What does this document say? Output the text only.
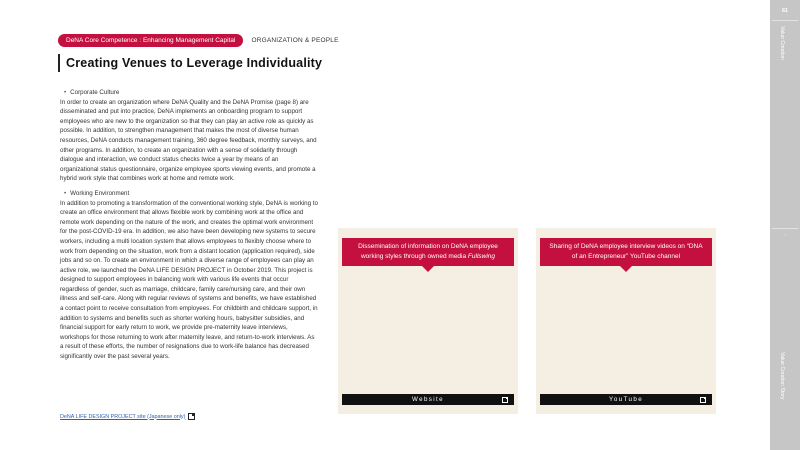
DeNA Core Competence : Enhancing Management Capital	ORGANIZATION & PEOPLE
Creating Venues to Leverage Individuality
• Corporate Culture

In order to create an organization where DeNA Quality and the DeNA Promise (page 8) are disseminated and put into practice, DeNA implements an onboarding program to support employees who are new to the organization so that they can play an active role as quickly as possible. In addition, to strengthen management that makes the most of diverse human resources, DeNA conducts management training, 360 degree feedback, monthly surveys, and other programs. In addition, to create an organization with a sense of solidarity through dialogue and interaction, we conduct status checks twice a year by means of an organizational status questionnaire, organize employee sports viewing events, and promote a hybrid work style that combines work at home and remote work.

• Working Environment

In addition to promoting a transformation of the conventional working style, DeNA is working to create an office environment that allows flexible work by combining work at the office and remote work depending on the nature of the work, and creates the optimal work environment for the post-COVID-19 era. In addition, we also have been developing new systems to secure workers, including a multi location system that allows employees to flexibly choose where to work from depending on the situation, work from a distant location (application required), side jobs and so on. To create an environment in which a diverse range of employees can play an active role, we launched the DeNA LIFE DESIGN PROJECT in October 2019. This project is designed to support employees in balancing work with various life events that occur regardless of gender, such as marriage, childcare, family care/nursing care, and their own illness and self-care. Along with regular reviews of systems and benefits, we have established a contact point to receive consultation from employees. For childbirth and childcare support, in addition to systems and benefits such as shorter working hours, babysitter subsidies, and financial support for early return to work, we provide pre-maternity leave interviews, workshops for those returning to work after maternity leave, and return-to-work interviews. As a result of these efforts, the number of resignations due to work-life balance has decreased significantly over the past several years.

DeNA LIFE DESIGN PROJECT site (Japanese only)
Dissemination of information on DeNA employee working styles through owned media Fullswing
Website
Sharing of DeNA employee interview videos on “DNA of an Entrepreneur” YouTube channel
YouTube
61
Value Creation
◦◦
Value Creation Story
